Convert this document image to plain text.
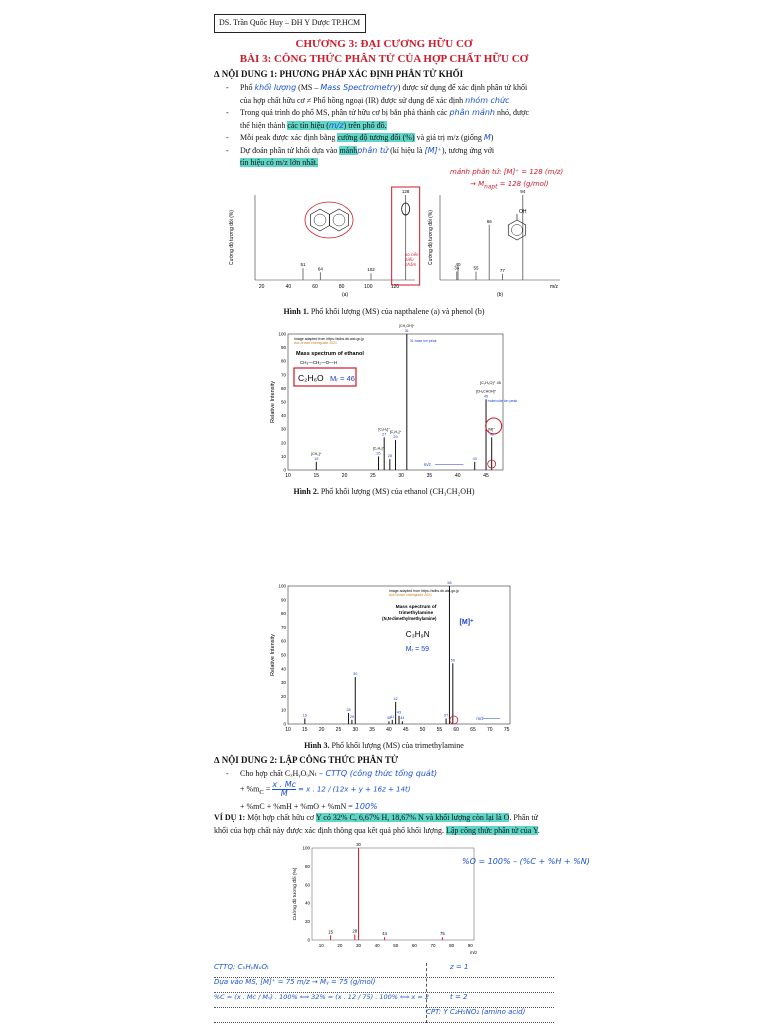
DS. Trần Quốc Huy – ĐH Y Dược TP.HCM
CHƯƠNG 3: ĐẠI CƯƠNG HỮU CƠ
BÀI 3: CÔNG THỨC PHÂN TỬ CỦA HỢP CHẤT HỮU CƠ
∆ NỘI DUNG 1: PHƯƠNG PHÁP XÁC ĐỊNH PHÂN TỬ KHỐI
- Phổ khối lượng (MS – Mass Spectrometry) được sử dụng để xác định phân tử khối
của hợp chất hữu cơ ≠ Phổ hồng ngoại (IR) được sử dụng để xác định nhóm chức
- Trong quá trình đo phổ MS, phân tử hữu cơ bị bắn phá thành các phân mảnh nhỏ, được
thể hiện thành các tín hiệu (m/z) trên phổ đồ.
- Mỗi peak được xác định bằng cường độ tương đối (%) và giá trị m/z (giống M)
- Dự đoán phân tử khối dựa vào mảnhphân tử (kí hiệu là [M]⁺), tương ứng với
tín hiệu có m/z lớn nhất.
mảnh phân tử: [M]⁺ = 128 (m/z)
→ $M_{napt} = 128$ (g/mol)
Cường độ tương đối (%)
20	40	60	80	100	120
51
64	102
128
(a)
Cường độ tương đối (%)
39
40
55
66
77
94
m/z
(b)
OH
ko nên hiểu nhầm
Hình 1. Phổ khối lượng (MS) của napthalene (a) và phenol (b)
0
10
20
30
40
50
60
70
80
90
100
10	15	20	25	30	35	40	45
Relative Intensity
15
[CH₃]⁺	26
[C₂H₂]⁺
27
[C₂H₃]⁺
28
29
[C₂H₅]⁺
31
[CH₂OH]⁺
43
45
[CH₃CHOH]⁺
46
[M]⁺
Image adapted from https://sdbs.db.aist.go.jp
doc brown chemguide 2021
Mass spectrum of ethanol
CH₃—CH₂—O—H
C₂H₆O Mᵣ = 46
31 base ion peak
[C₂H₅O]⁺ 45
molecular ion peak
m/z
Hình 2. Phổ khối lượng (MS) của ethanol (CH₃CH₂OH)
0
10
20
30
40
50
60
70
80
90
100
10 15 20 25 30 35 40 45 50 55 60 65 70 75
Relative Intensity
15
28
29
30
40 41
42
43
44
57
58
59
Image adapted from https://sdbs.db.aist.go.jp
doc brown chemguide 2021
Mass spectrum of
trimethylamine
(N,N-dimethylmethylamine)
C₃H₉N
Mᵣ = 59
[M]⁺
m/z
Hình 3. Phổ khối lượng (MS) của trimethylamine
∆ NỘI DUNG 2: LẬP CÔNG THỨC PHÂN TỬ
- Cho hợp chất CₓHᵧOᵤNₜ – CTTQ (công thức tổng quát)
+ $\%m_C = \frac{x . Mc}{M} = x$ . 12 / (12x + y + 16z + 14t)
+ %mC + %mH + %mO + %mN = 100%
VÍ DỤ 1: Một hợp chất hữu cơ Y có 32% C, 6,67% H, 18,67% N và khối lượng còn lại là O. Phân tử
khối của hợp chất này được xác định thông qua kết quả phổ khối lượng. Lập công thức phân tử của Y.
%O = 100% – (%C + %H + %N)
0
20
40
60
80
100
10	20	30	40	50	60	70	80	90
Cường độ tương đối (%)
m/z
15	28
30
44	75
CTTQ: CₓHᵧNᵤOₜ	z = 1
Dựa vào MS, [M]⁺ = 75 m/z → Mᵧ = 75 (g/mol)
%C = (x . Mc / Mᵧ) . 100% ⟺ 32% = (x . 12 / 75) . 100% ⟺ x = 2	t = 2
CPT: Y C₂H₅NO₂ (amino acid)
